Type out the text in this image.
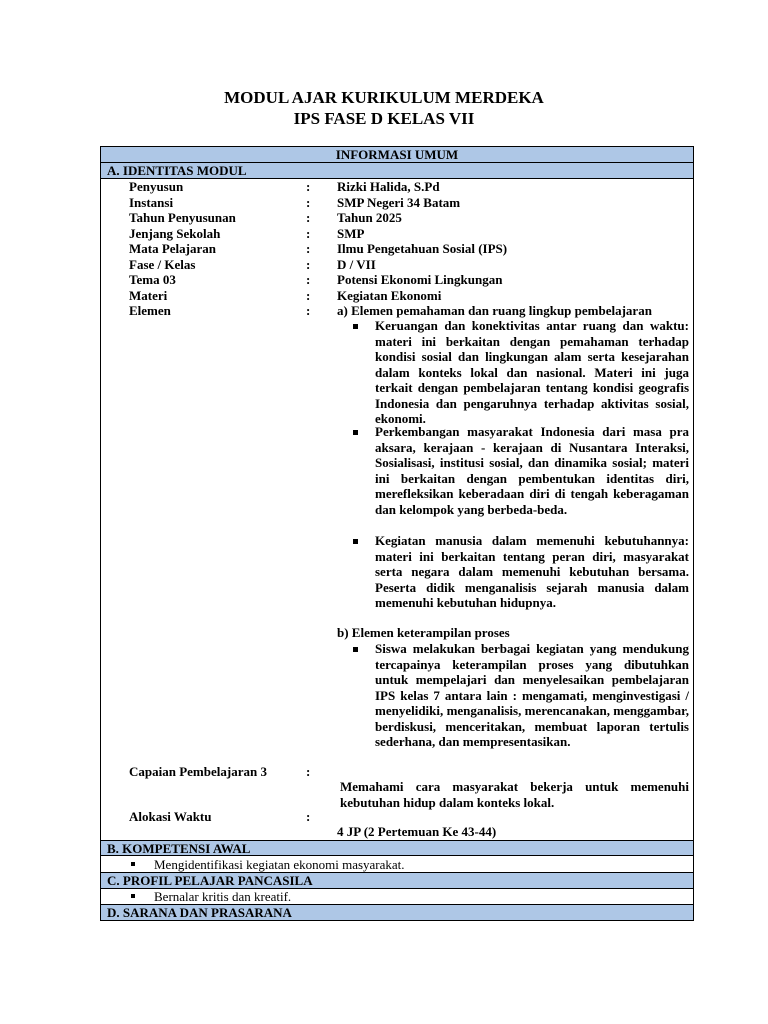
MODUL AJAR KURIKULUM MERDEKA
IPS FASE D KELAS VII
INFORMASI UMUM
A. IDENTITAS MODUL
Penyusun	: Rizki Halida, S.Pd
Instansi	: SMP Negeri 34 Batam
Tahun Penyusunan	: Tahun 2025
Jenjang Sekolah	: SMP
Mata Pelajaran	: Ilmu Pengetahuan Sosial (IPS)
Fase / Kelas	: D / VII
Tema 03	: Potensi Ekonomi Lingkungan
Materi	: Kegiatan Ekonomi
Elemen	: a) Elemen pemahaman dan ruang lingkup pembelajaran

Keruangan dan konektivitas antar ruang dan waktu: materi ini berkaitan dengan pemahaman terhadap kondisi sosial dan lingkungan alam serta kesejarahan dalam konteks lokal dan nasional. Materi ini juga terkait dengan pembelajaran tentang kondisi geografis Indonesia dan pengaruhnya terhadap aktivitas sosial, ekonomi.

Perkembangan masyarakat Indonesia dari masa pra aksara, kerajaan - kerajaan di Nusantara Interaksi, Sosialisasi, institusi sosial, dan dinamika sosial; materi ini berkaitan dengan pembentukan identitas diri, merefleksikan keberadaan diri di tengah keberagaman dan kelompok yang berbeda-beda.

Kegiatan manusia dalam memenuhi kebutuhannya: materi ini berkaitan tentang peran diri, masyarakat serta negara dalam memenuhi kebutuhan bersama. Peserta didik menganalisis sejarah manusia dalam memenuhi kebutuhan hidupnya.

b) Elemen keterampilan proses

Siswa melakukan berbagai kegiatan yang mendukung tercapainya keterampilan proses yang dibutuhkan untuk mempelajari dan menyelesaikan pembelajaran IPS kelas 7 antara lain : mengamati, menginvestigasi / menyelidiki, menganalisis, merencanakan, menggambar, berdiskusi, menceritakan, membuat laporan tertulis sederhana, dan mempresentasikan.

Capaian Pembelajaran 3	:

Memahami cara masyarakat bekerja untuk memenuhi kebutuhan hidup dalam konteks lokal.

Alokasi Waktu	:
4 JP (2 Pertemuan Ke 43-44)
B. KOMPETENSI AWAL
Mengidentifikasi kegiatan ekonomi masyarakat.
C. PROFIL PELAJAR PANCASILA
Bernalar kritis dan kreatif.
D. SARANA DAN PRASARANA
